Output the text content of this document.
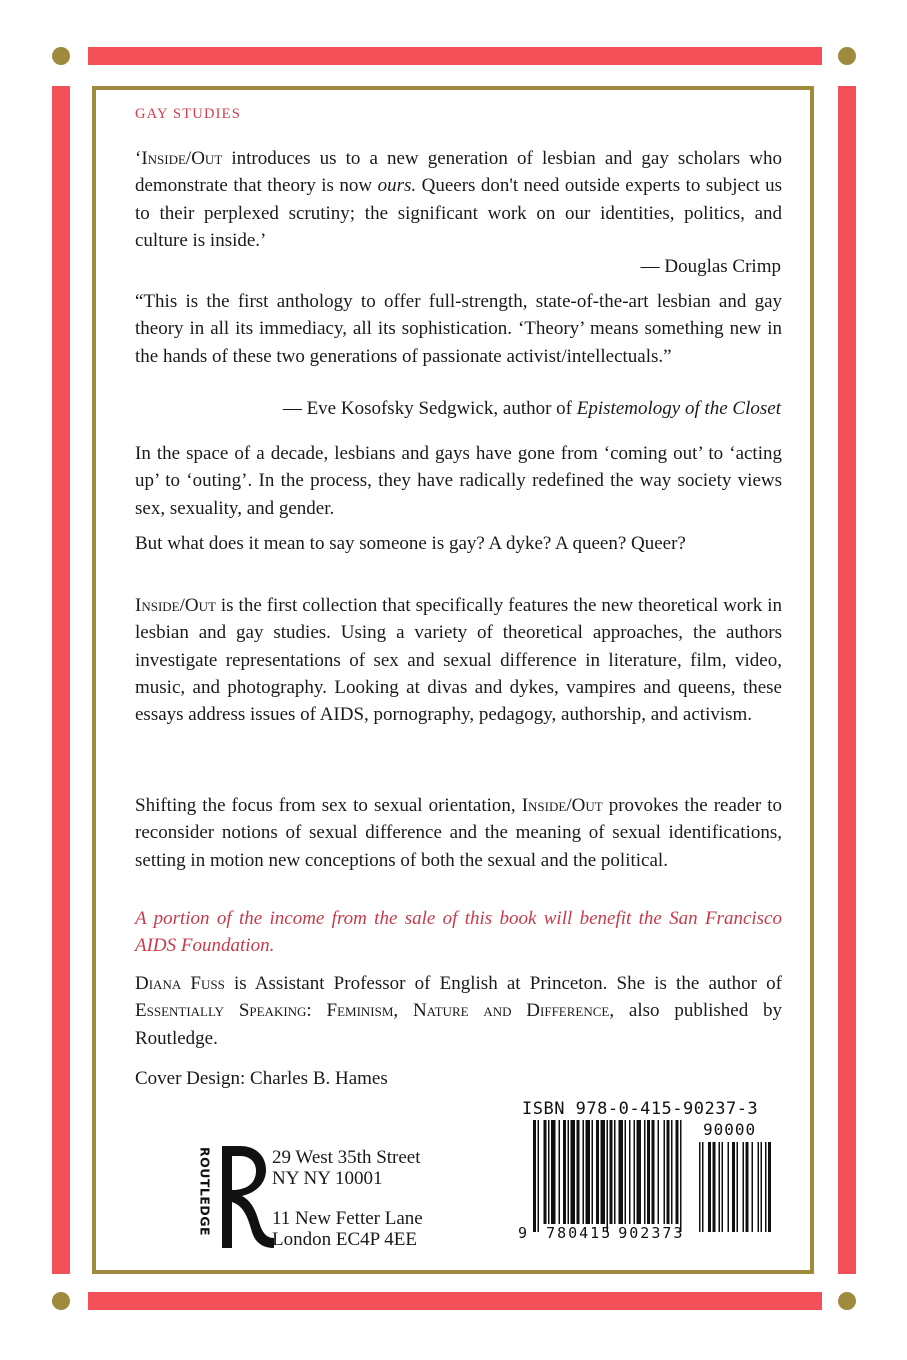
GAY STUDIES
‘Inside/Out introduces us to a new generation of lesbian and gay scholars who demonstrate that theory is now ours. Queers don't need outside experts to subject us to their perplexed scrutiny; the significant work on our identities, politics, and culture is inside.’
— Douglas Crimp
“This is the first anthology to offer full-strength, state-of-the-art lesbian and gay theory in all its immediacy, all its sophistication. ‘Theory’ means something new in the hands of these two generations of passionate activist/intellectuals.”
— Eve Kosofsky Sedgwick, author of Epistemology of the Closet
In the space of a decade, lesbians and gays have gone from ‘coming out’ to ‘acting up’ to ‘outing’. In the process, they have radically redefined the way society views sex, sexuality, and gender.
But what does it mean to say someone is gay? A dyke? A queen? Queer?
Inside/Out is the first collection that specifically features the new theoretical work in lesbian and gay studies. Using a variety of theoretical approaches, the authors investigate representations of sex and sexual difference in literature, film, video, music, and photography. Looking at divas and dykes, vampires and queens, these essays address issues of AIDS, pornography, pedagogy, authorship, and activism.
Shifting the focus from sex to sexual orientation, Inside/Out provokes the reader to reconsider notions of sexual difference and the meaning of sexual identifications, setting in motion new conceptions of both the sexual and the political.
A portion of the income from the sale of this book will benefit the San Francisco AIDS Foundation.
Diana Fuss is Assistant Professor of English at Princeton. She is the author of Essentially Speaking: Feminism, Nature and Difference, also published by Routledge.
Cover Design: Charles B. Hames
ROUTLEDGE	29 West 35th Street
NY NY 10001
11 New Fetter Lane
London EC4P 4EE
ISBN 978-0-415-90237-3
90000
9 780415 902373
